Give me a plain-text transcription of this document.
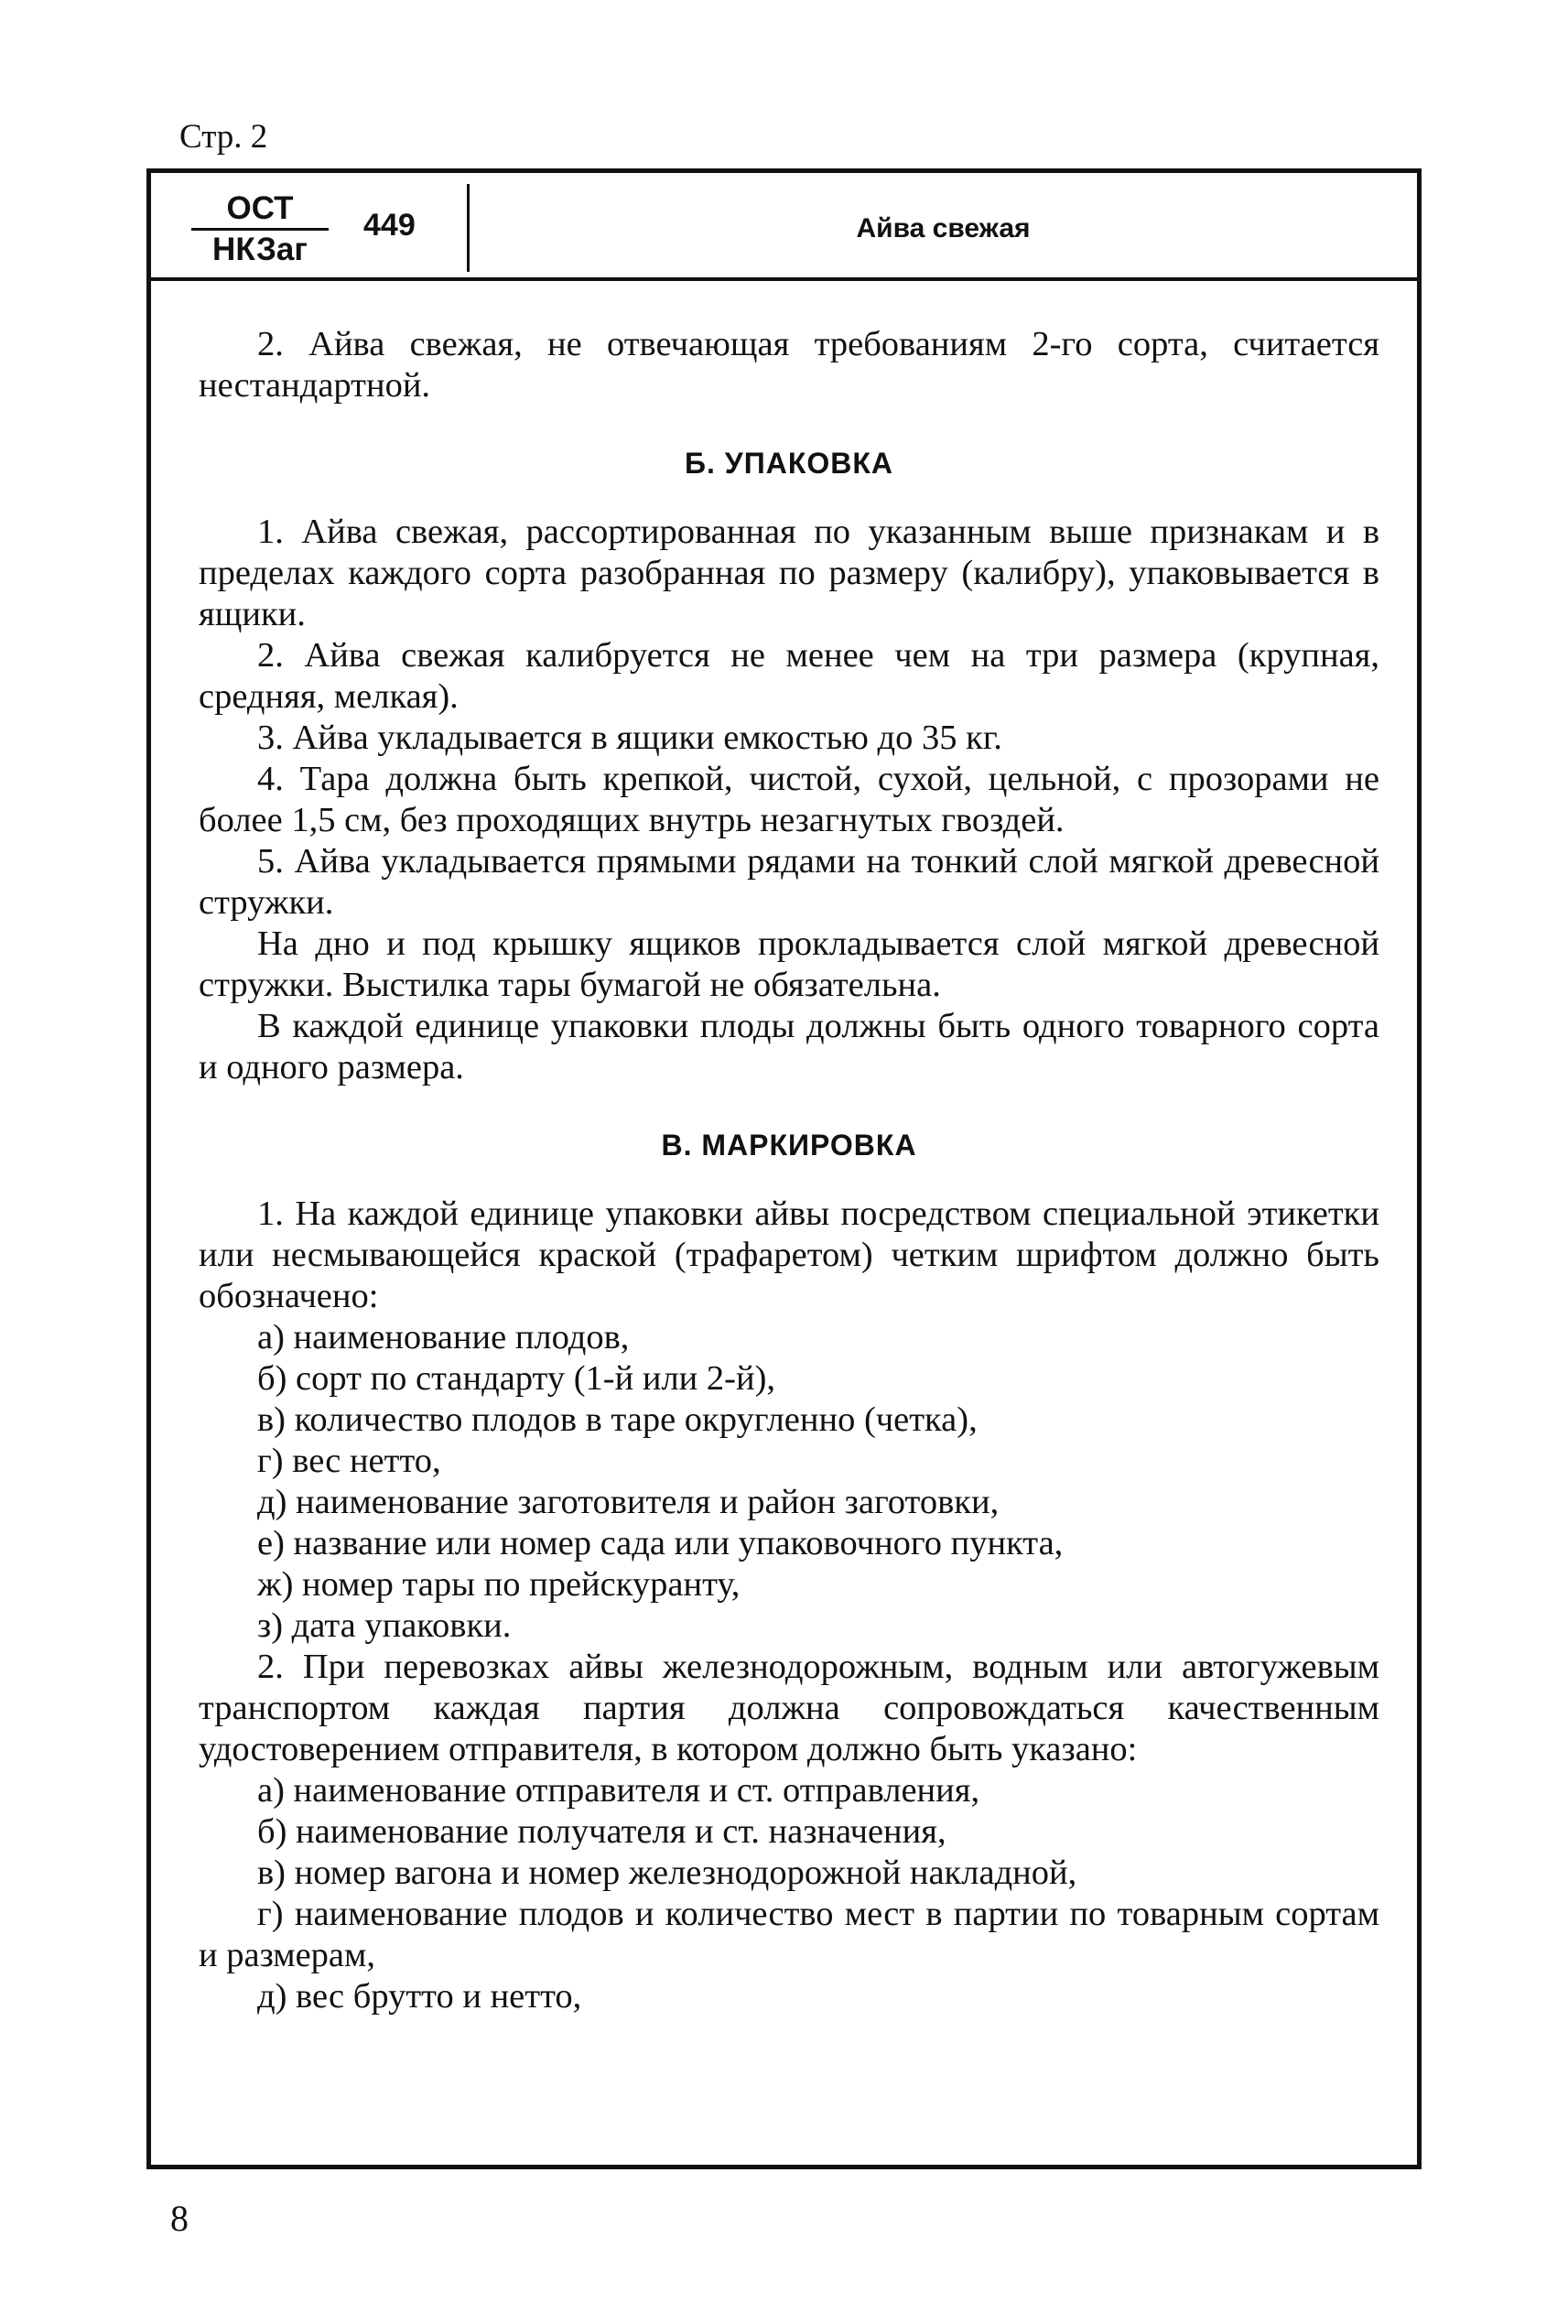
Стр. 2
ОСТ
НКЗаг
449	Айва свежая

2. Айва свежая, не отвечающая требованиям 2-го сорта, считается нестандартной.

Б. УПАКОВКА

1. Айва свежая, рассортированная по указанным выше признакам и в пределах каждого сорта разобранная по размеру (калибру), упаковывается в ящики.

2. Айва свежая калибруется не менее чем на три размера (крупная, средняя, мелкая).

3. Айва укладывается в ящики емкостью до 35 кг.

4. Тара должна быть крепкой, чистой, сухой, цельной, с прозорами не более 1,5 см, без проходящих внутрь незагнутых гвоздей.

5. Айва укладывается прямыми рядами на тонкий слой мягкой древесной стружки.

На дно и под крышку ящиков прокладывается слой мягкой древесной стружки. Выстилка тары бумагой не обязательна.

В каждой единице упаковки плоды должны быть одного товарного сорта и одного размера.

В. МАРКИРОВКА

1. На каждой единице упаковки айвы посредством специальной этикетки или несмывающейся краской (трафаретом) четким шрифтом должно быть обозначено:

а) наименование плодов,

б) сорт по стандарту (1-й или 2-й),

в) количество плодов в таре округленно (четка),

г) вес нетто,

д) наименование заготовителя и район заготовки,

е) название или номер сада или упаковочного пункта,

ж) номер тары по прейскуранту,

з) дата упаковки.

2. При перевозках айвы железнодорожным, водным или автогужевым транспортом каждая партия должна сопровождаться качественным удостоверением отправителя, в котором должно быть указано:

а) наименование отправителя и ст. отправления,

б) наименование получателя и ст. назначения,

в) номер вагона и номер железнодорожной накладной,

г) наименование плодов и количество мест в партии по товарным сортам и размерам,

д) вес брутто и нетто,

8
